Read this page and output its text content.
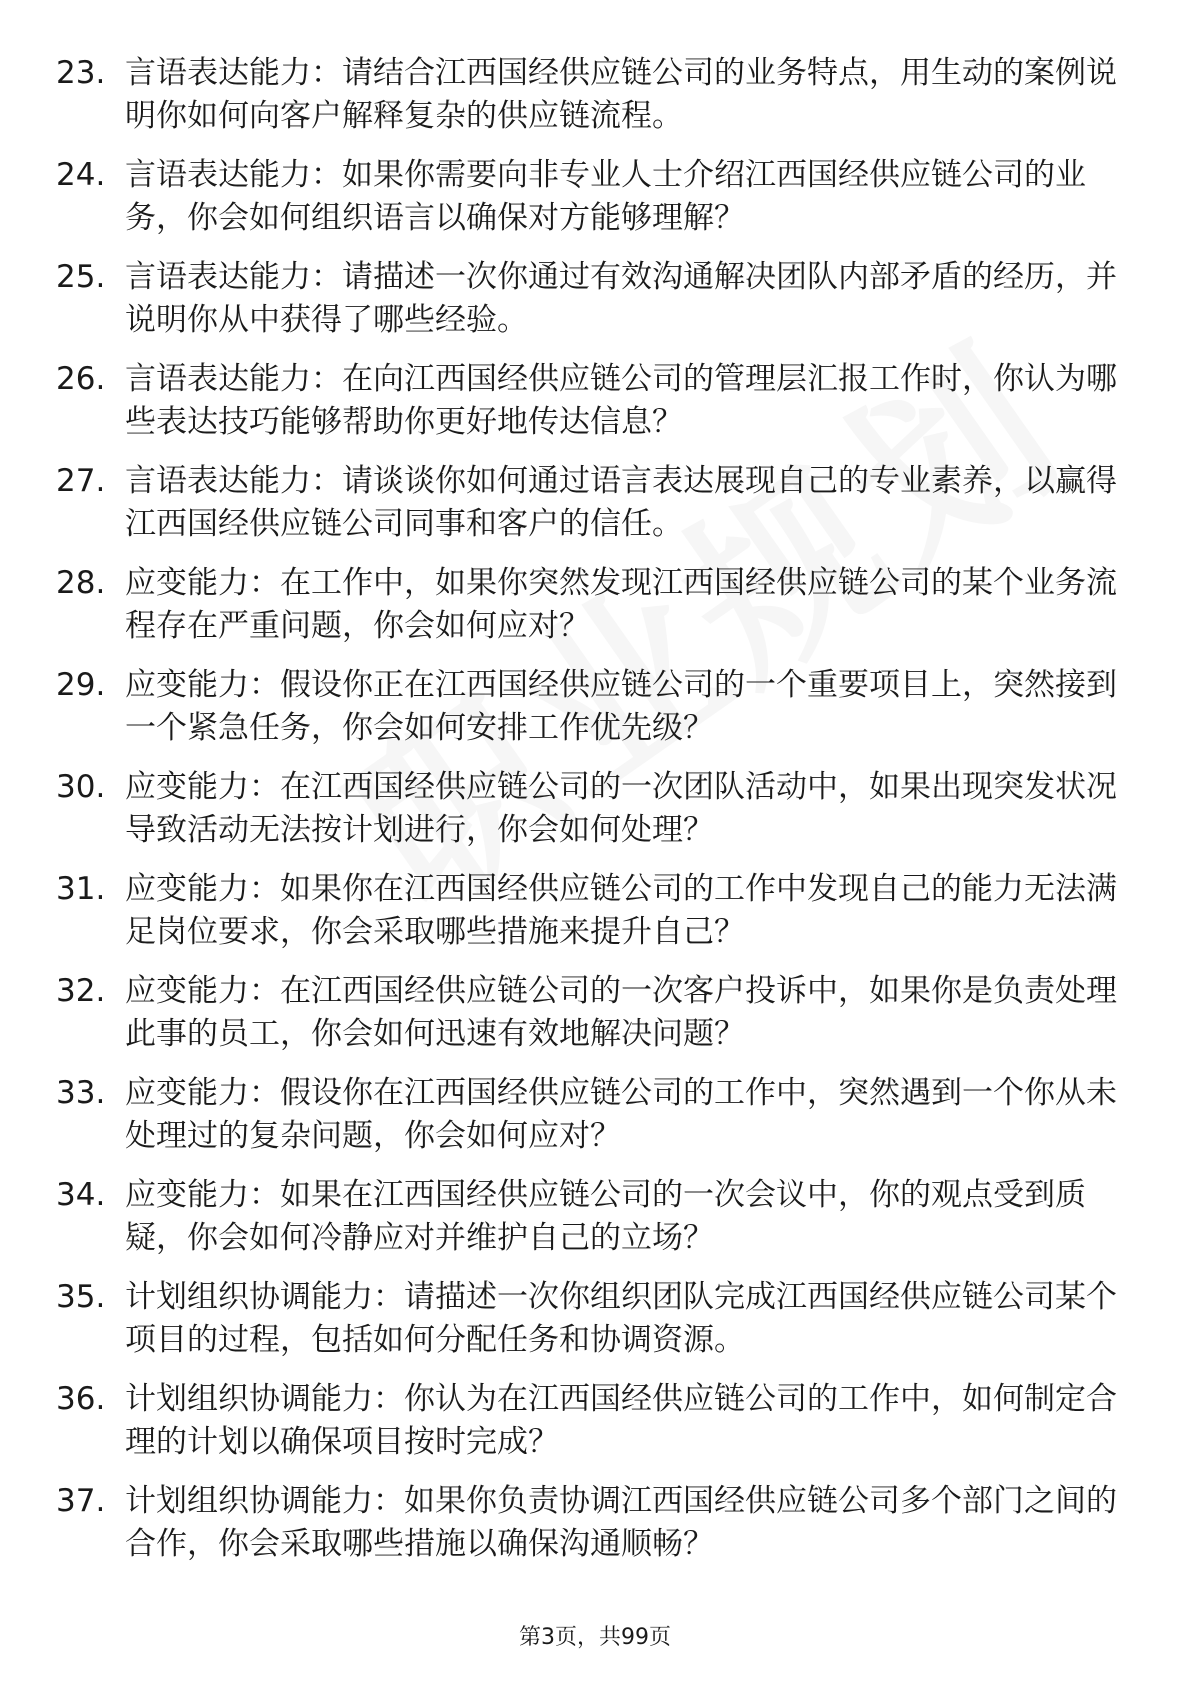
23. 言语表达能力：请结合江西国经供应链公司的业务特点，用生动的案例说明你如何向客户解释复杂的供应链流程。
24. 言语表达能力：如果你需要向非专业人士介绍江西国经供应链公司的业务，你会如何组织语言以确保对方能够理解？
25. 言语表达能力：请描述一次你通过有效沟通解决团队内部矛盾的经历，并说明你从中获得了哪些经验。
26. 言语表达能力：在向江西国经供应链公司的管理层汇报工作时，你认为哪些表达技巧能够帮助你更好地传达信息？
27. 言语表达能力：请谈谈你如何通过语言表达展现自己的专业素养，以赢得江西国经供应链公司同事和客户的信任。
28. 应变能力：在工作中，如果你突然发现江西国经供应链公司的某个业务流程存在严重问题，你会如何应对？
29. 应变能力：假设你正在江西国经供应链公司的一个重要项目上，突然接到一个紧急任务，你会如何安排工作优先级？
30. 应变能力：在江西国经供应链公司的一次团队活动中，如果出现突发状况导致活动无法按计划进行，你会如何处理？
31. 应变能力：如果你在江西国经供应链公司的工作中发现自己的能力无法满足岗位要求，你会采取哪些措施来提升自己？
32. 应变能力：在江西国经供应链公司的一次客户投诉中，如果你是负责处理此事的员工，你会如何迅速有效地解决问题？
33. 应变能力：假设你在江西国经供应链公司的工作中，突然遇到一个你从未处理过的复杂问题，你会如何应对？
34. 应变能力：如果在江西国经供应链公司的一次会议中，你的观点受到质疑，你会如何冷静应对并维护自己的立场？
35. 计划组织协调能力：请描述一次你组织团队完成江西国经供应链公司某个项目的过程，包括如何分配任务和协调资源。
36. 计划组织协调能力：你认为在江西国经供应链公司的工作中，如何制定合理的计划以确保项目按时完成？
37. 计划组织协调能力：如果你负责协调江西国经供应链公司多个部门之间的合作，你会采取哪些措施以确保沟通顺畅？
第3页，共99页
